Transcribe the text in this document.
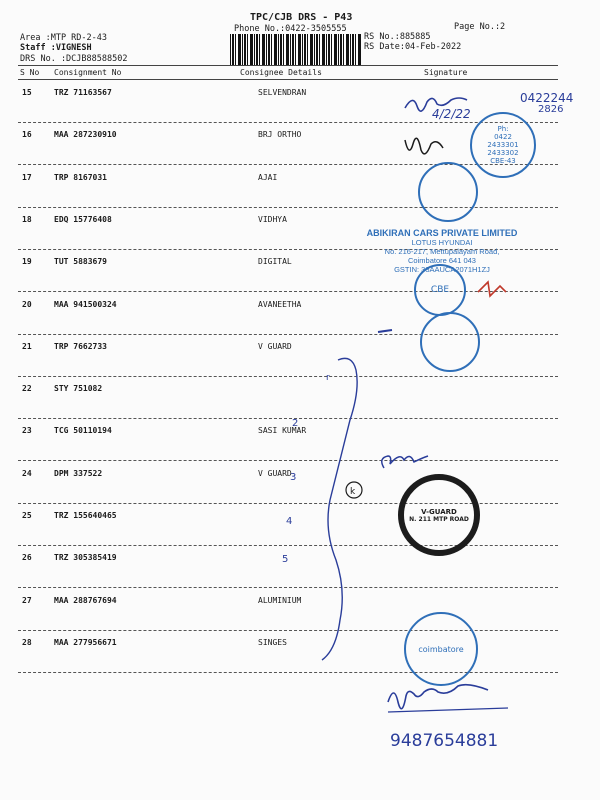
TPC/CJB DRS - P43
Phone No.:0422-3505555	Page No.:2
Area :MTP RD-2-43
Staff :VIGNESH
DRS No. :DCJB88588502
RS No.:885885
RS Date:04-Feb-2022
S No Consignment No	Consignee Details	Signature
15	TRZ 71163567	SELVENDRAN
16	MAA 287230910	BRJ ORTHO
17	TRP 8167031	AJAI
18	EDQ 15776408	VIDHYA
19	TUT 5883679	DIGITAL
20	MAA 941500324	AVANEETHA
21	TRP 7662733	V GUARD
22	STY 751082
23	TCG 50110194	SASI KUMAR
24	DPM 337522	V GUARD
25	TRZ 155640465
26	TRZ 305385419
27	MAA 288767694	ALUMINIUM
28	MAA 277956671	SINGES
4/2/22
0422244
2826
r
2
3
4
5
k
9487654881
Ph:
0422
2433301
2433302
CBE-43
ABIKIRAN CARS PRIVATE LIMITED
LOTUS HYUNDAI
No. 216-217, Mettupalayam Road,
Coimbatore 641 043
GSTIN: 33AAUCA2071H1ZJ
CBE
V-GUARD
N. 211 MTP ROAD
coimbatore
